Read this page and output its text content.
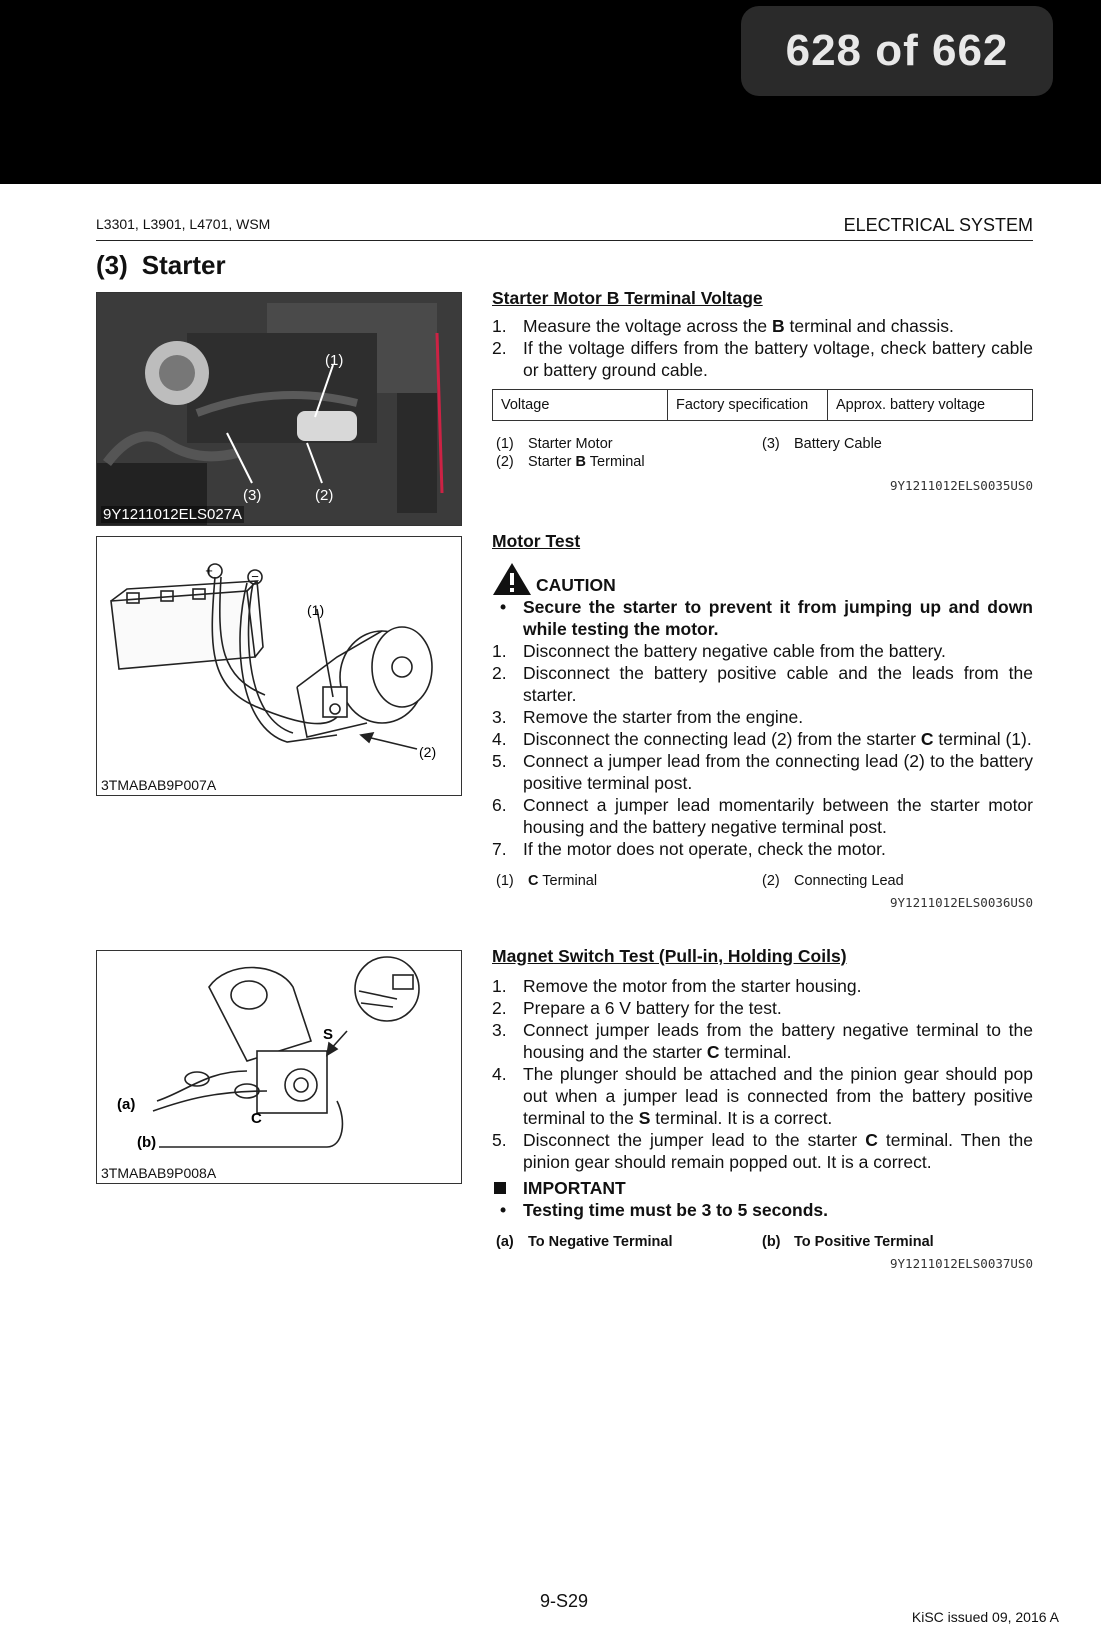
628 of 662
L3301, L3901, L4701, WSM	ELECTRICAL SYSTEM
(3) Starter
(1)
(3)	(2)
9Y1211012ELS027A
+	−
(1)
(2)
3TMABAB9P007A
S
C
(a)
(b)
3TMABAB9P008A
Starter Motor B Terminal Voltage
1. Measure the voltage across the B terminal and chassis.
2. If the voltage differs from the battery voltage, check battery cable or battery ground cable.
Voltage	Factory specification	Approx. battery voltage
(1) Starter Motor
(2) Starter B Terminal
(3) Battery Cable
9Y1211012ELS0035US0
Motor Test
CAUTION
• Secure the starter to prevent it from jumping up and down while testing the motor.
1. Disconnect the battery negative cable from the battery.
2. Disconnect the battery positive cable and the leads from the starter.
3. Remove the starter from the engine.
4. Disconnect the connecting lead (2) from the starter C terminal (1).
5. Connect a jumper lead from the connecting lead (2) to the battery positive terminal post.
6. Connect a jumper lead momentarily between the starter motor housing and the battery negative terminal post.
7. If the motor does not operate, check the motor.
(1) C Terminal	(2) Connecting Lead
9Y1211012ELS0036US0
Magnet Switch Test (Pull-in, Holding Coils)
1. Remove the motor from the starter housing.
2. Prepare a 6 V battery for the test.
3. Connect jumper leads from the battery negative terminal to the housing and the starter C terminal.
4. The plunger should be attached and the pinion gear should pop out when a jumper lead is connected from the battery positive terminal to the S terminal. It is a correct.
5. Disconnect the jumper lead to the starter C terminal. Then the pinion gear should remain popped out. It is a correct.
IMPORTANT
• Testing time must be 3 to 5 seconds.
(a) To Negative Terminal	(b) To Positive Terminal
9Y1211012ELS0037US0
9-S29
KiSC issued 09, 2016 A
